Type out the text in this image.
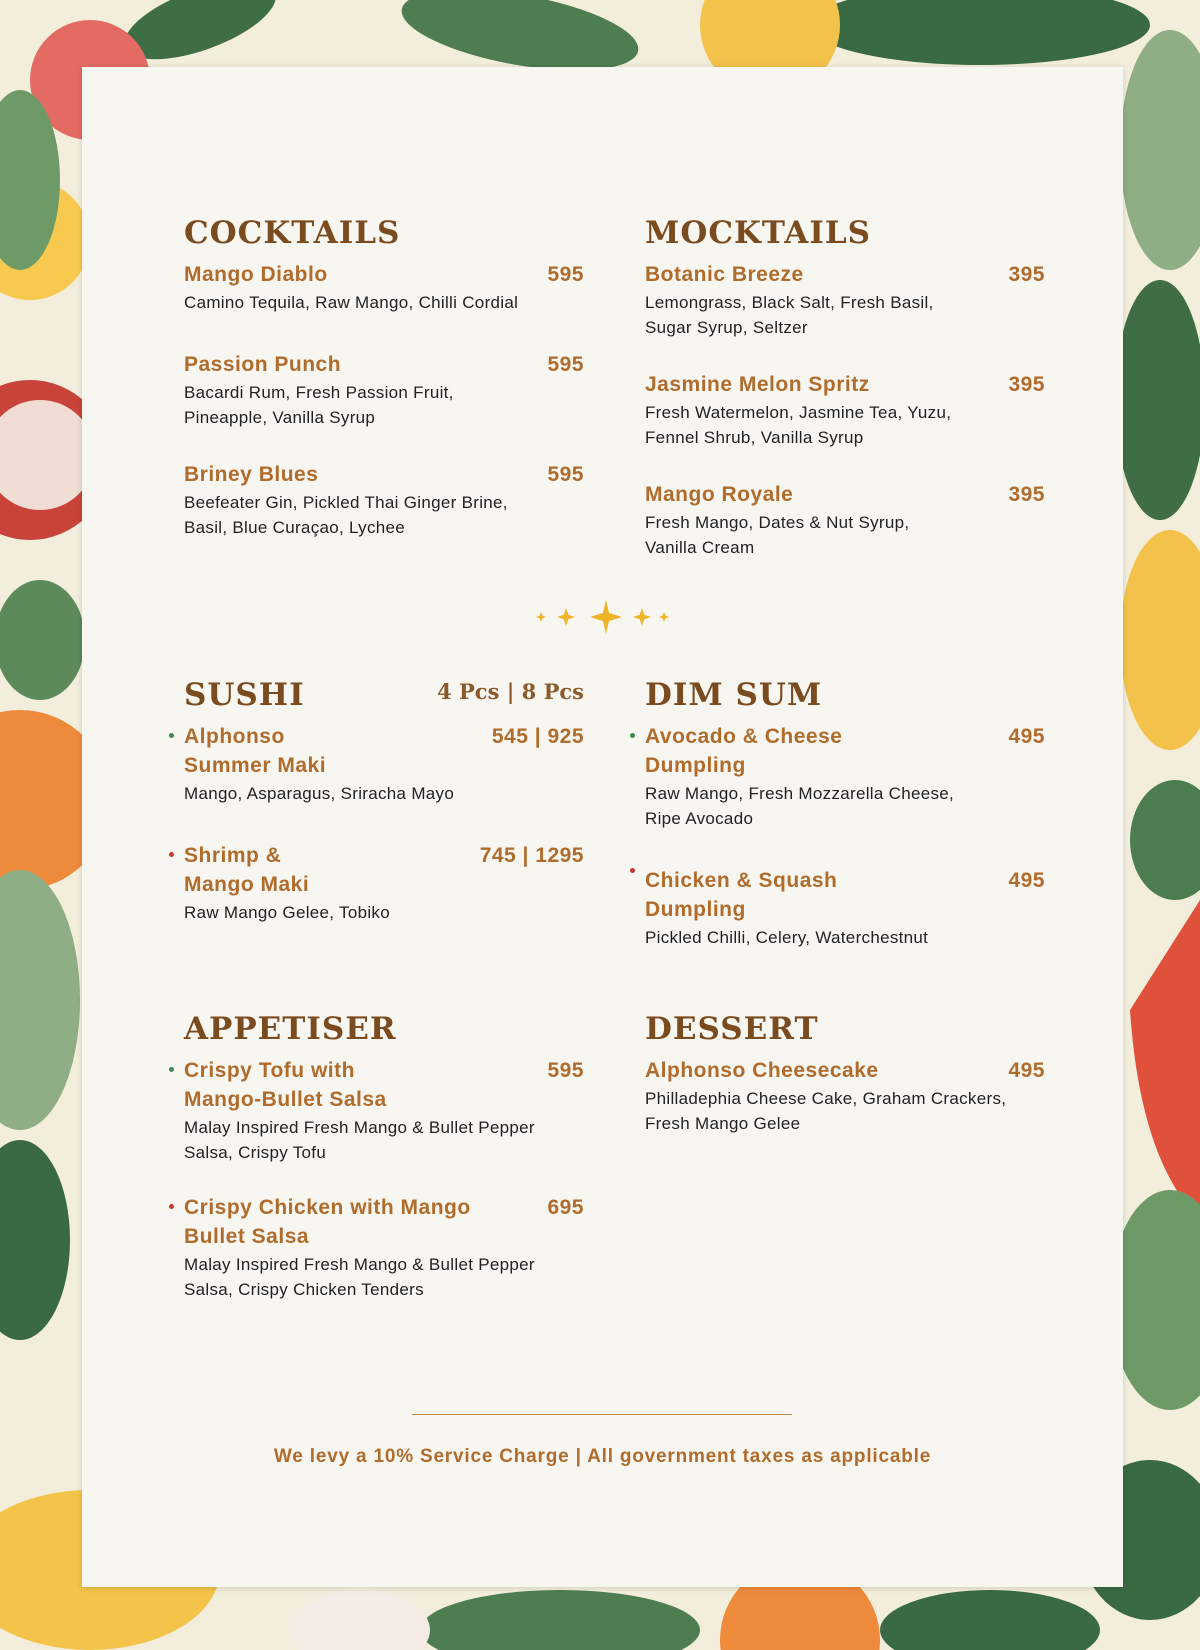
COCKTAILS
Mango Diablo	595
Camino Tequila, Raw Mango, Chilli Cordial
Passion Punch	595
Bacardi Rum, Fresh Passion Fruit, Pineapple, Vanilla Syrup
Briney Blues	595
Beefeater Gin, Pickled Thai Ginger Brine, Basil, Blue Curaçao, Lychee
MOCKTAILS
Botanic Breeze	395
Lemongrass, Black Salt, Fresh Basil, Sugar Syrup, Seltzer
Jasmine Melon Spritz	395
Fresh Watermelon, Jasmine Tea, Yuzu, Fennel Shrub, Vanilla Syrup
Mango Royale	395
Fresh Mango, Dates & Nut Syrup, Vanilla Cream
SUSHI	4 Pcs | 8 Pcs
Alphonso Summer Maki
545 | 925
Mango, Asparagus, Sriracha Mayo
Shrimp & Mango Maki
745 | 1295
Raw Mango Gelee, Tobiko
DIM SUM
Avocado & Cheese Dumpling
495
Raw Mango, Fresh Mozzarella Cheese, Ripe Avocado
Chicken & Squash Dumpling
495
Pickled Chilli, Celery, Waterchestnut
APPETISER
Crispy Tofu with Mango-Bullet Salsa
595
Malay Inspired Fresh Mango & Bullet Pepper Salsa, Crispy Tofu
Crispy Chicken with Mango Bullet Salsa
695
Malay Inspired Fresh Mango & Bullet Pepper Salsa, Crispy Chicken Tenders
DESSERT
Alphonso Cheesecake	495
Philladephia Cheese Cake, Graham Crackers, Fresh Mango Gelee
We levy a 10% Service Charge | All government taxes as applicable
